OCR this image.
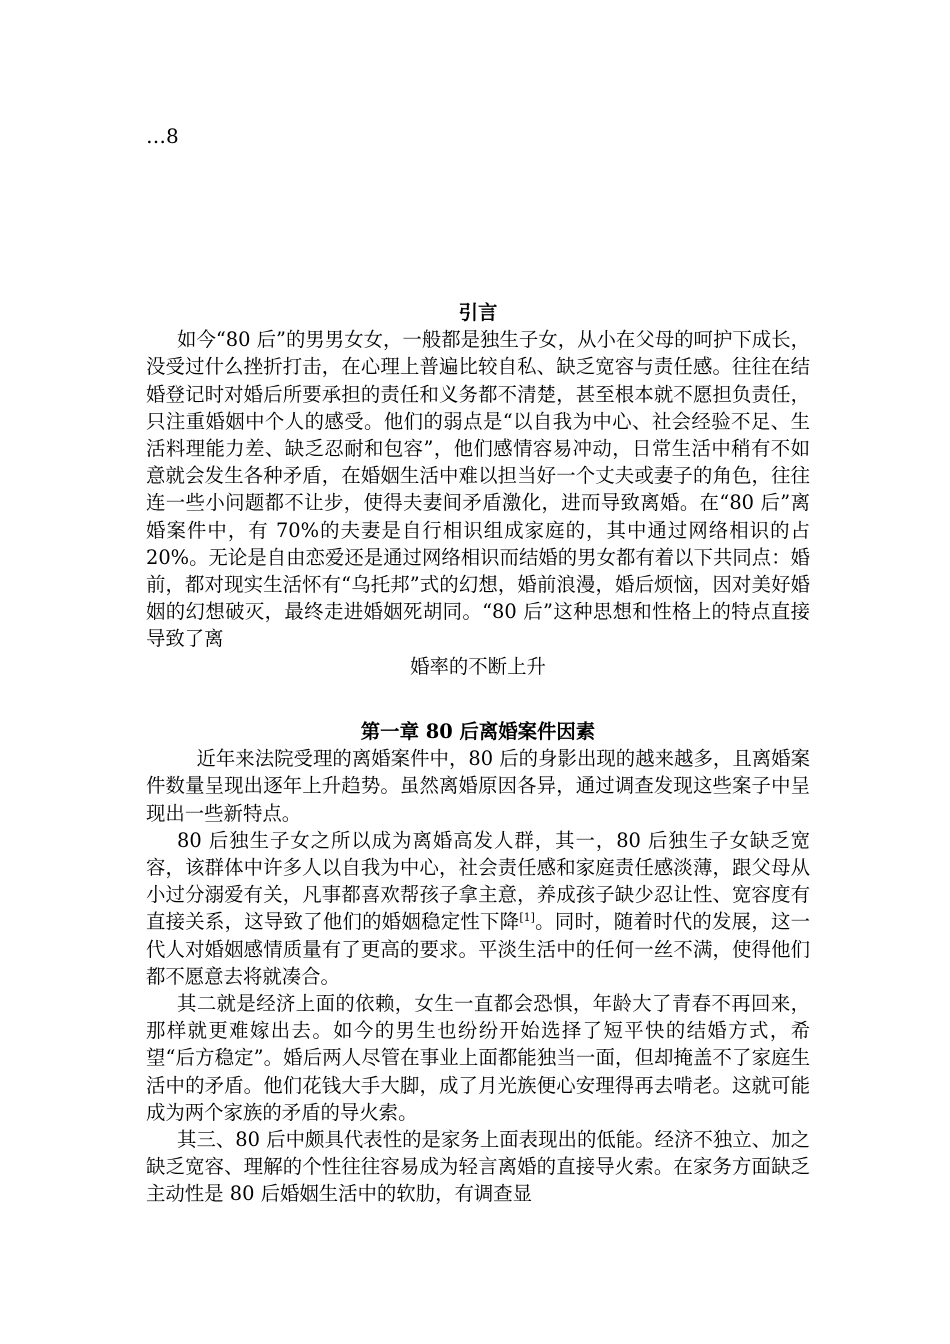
…8

引言

如今“80 后”的男男女女，一般都是独生子女，从小在父母的呵护下成长，没受过什么挫折打击，在心理上普遍比较自私、缺乏宽容与责任感。往往在结婚登记时对婚后所要承担的责任和义务都不清楚，甚至根本就不愿担负责任，只注重婚姻中个人的感受。他们的弱点是“以自我为中心、社会经验不足、生活料理能力差、缺乏忍耐和包容”，他们感情容易冲动，日常生活中稍有不如意就会发生各种矛盾，在婚姻生活中难以担当好一个丈夫或妻子的角色，往往连一些小问题都不让步，使得夫妻间矛盾激化，进而导致离婚。在“80 后”离婚案件中，有 70%的夫妻是自行相识组成家庭的，其中通过网络相识的占 20%。无论是自由恋爱还是通过网络相识而结婚的男女都有着以下共同点：婚前，都对现实生活怀有“乌托邦”式的幻想，婚前浪漫，婚后烦恼，因对美好婚姻的幻想破灭，最终走进婚姻死胡同。“80 后”这种思想和性格上的特点直接导致了离

婚率的不断上升

第一章 80 后离婚案件因素

近年来法院受理的离婚案件中，80 后的身影出现的越来越多，且离婚案件数量呈现出逐年上升趋势。虽然离婚原因各异，通过调查发现这些案子中呈现出一些新特点。

80 后独生子女之所以成为离婚高发人群，其一，80 后独生子女缺乏宽容，该群体中许多人以自我为中心，社会责任感和家庭责任感淡薄，跟父母从小过分溺爱有关，凡事都喜欢帮孩子拿主意，养成孩子缺少忍让性、宽容度有直接关系，这导致了他们的婚姻稳定性下降[1]。同时，随着时代的发展，这一代人对婚姻感情质量有了更高的要求。平淡生活中的任何一丝不满，使得他们都不愿意去将就凑合。

其二就是经济上面的依赖，女生一直都会恐惧，年龄大了青春不再回来，那样就更难嫁出去。如今的男生也纷纷开始选择了短平快的结婚方式，希望“后方稳定”。婚后两人尽管在事业上面都能独当一面，但却掩盖不了家庭生活中的矛盾。他们花钱大手大脚，成了月光族便心安理得再去啃老。这就可能成为两个家族的矛盾的导火索。

其三、80 后中颇具代表性的是家务上面表现出的低能。经济不独立、加之缺乏宽容、理解的个性往往容易成为轻言离婚的直接导火索。在家务方面缺乏主动性是 80 后婚姻生活中的软肋，有调查显
